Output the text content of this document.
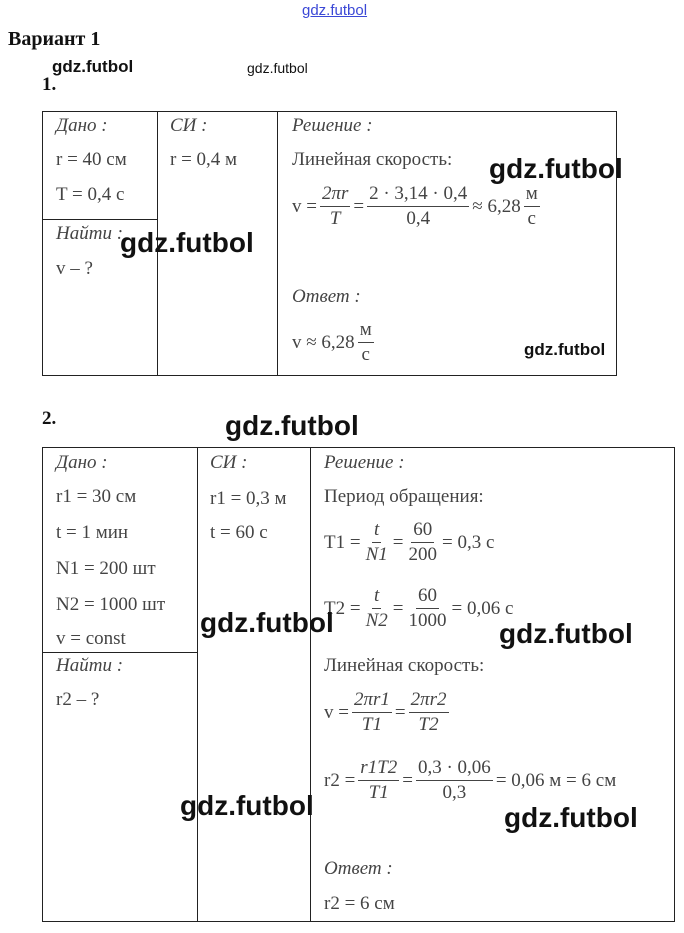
gdz.futbol
gdz.futbol	gdz.futbol
Вариант 1
1.
Дано :
r = 40 см
T = 0,4 с
Найти :
v – ?
СИ :
r = 0,4 м
Решение :
Линейная скорость:
$v = \frac{2\pi r}{T} = \frac{2 \cdot 3,14 \cdot 0,4}{0,4} \approx 6,28 \frac{м}{с}$
Ответ :
$v \approx 6,28 \frac{м}{с}$
gdz.futbol
gdz.futbol
gdz.futbol
2.	gdz.futbol
Дано :
r1 = 30 см
t = 1 мин
N1 = 200 шт
N2 = 1000 шт
v = const
Найти :
r2 – ?
СИ :
r1 = 0,3 м
t = 60 с
Решение :
Период обращения:
$T1 = \frac{t}{N1} = \frac{60}{200} = 0,3$ с
$T2 = \frac{t}{N2} = \frac{60}{1000} = 0,06$ с
Линейная скорость:
$v = \frac{2\pi r1}{T1} = \frac{2\pi r2}{T2}$
$r2 = \frac{r1T2}{T1} = \frac{0,3 \cdot 0,06}{0,3} = 0,06$ м = 6 см
Ответ :
r2 = 6 см
gdz.futbol	gdz.futbol
gdz.futbol	gdz.futbol
